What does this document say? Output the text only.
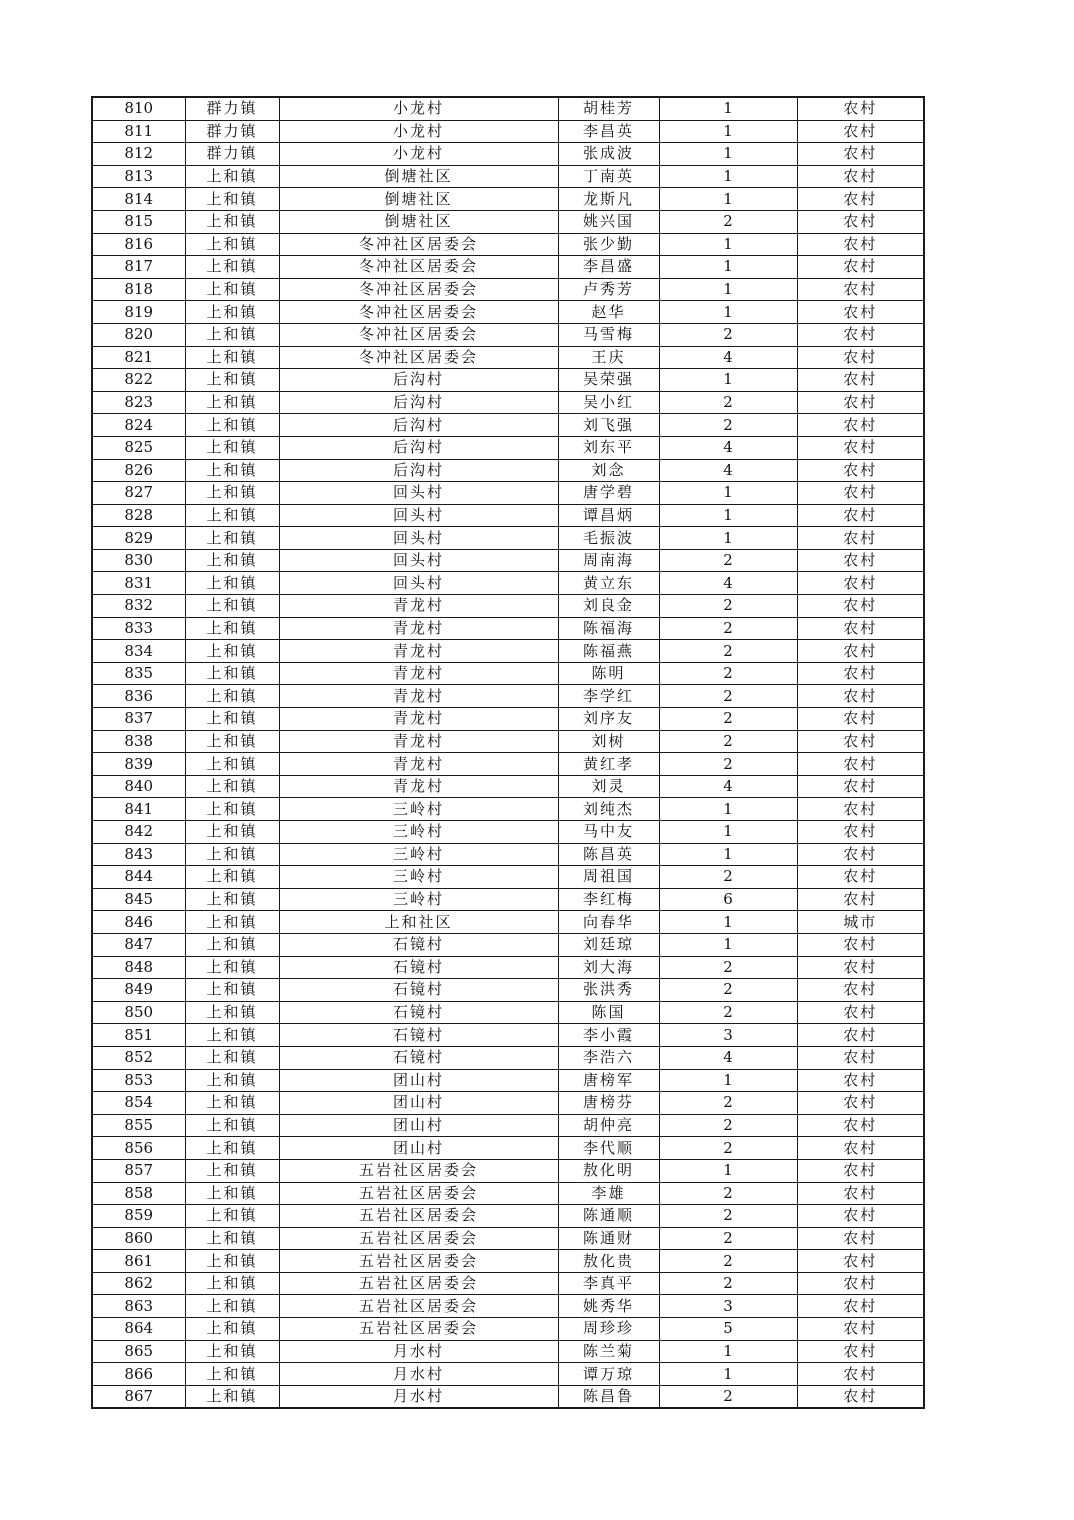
810	群力镇	小龙村	胡桂芳	1	农村
811	群力镇	小龙村	李昌英	1	农村
812	群力镇	小龙村	张成波	1	农村
813	上和镇	倒塘社区	丁南英	1	农村
814	上和镇	倒塘社区	龙斯凡	1	农村
815	上和镇	倒塘社区	姚兴国	2	农村
816	上和镇	冬冲社区居委会	张少勤	1	农村
817	上和镇	冬冲社区居委会	李昌盛	1	农村
818	上和镇	冬冲社区居委会	卢秀芳	1	农村
819	上和镇	冬冲社区居委会	赵华	1	农村
820	上和镇	冬冲社区居委会	马雪梅	2	农村
821	上和镇	冬冲社区居委会	王庆	4	农村
822	上和镇	后沟村	吴荣强	1	农村
823	上和镇	后沟村	吴小红	2	农村
824	上和镇	后沟村	刘飞强	2	农村
825	上和镇	后沟村	刘东平	4	农村
826	上和镇	后沟村	刘念	4	农村
827	上和镇	回头村	唐学碧	1	农村
828	上和镇	回头村	谭昌炳	1	农村
829	上和镇	回头村	毛振波	1	农村
830	上和镇	回头村	周南海	2	农村
831	上和镇	回头村	黄立东	4	农村
832	上和镇	青龙村	刘良金	2	农村
833	上和镇	青龙村	陈福海	2	农村
834	上和镇	青龙村	陈福燕	2	农村
835	上和镇	青龙村	陈明	2	农村
836	上和镇	青龙村	李学红	2	农村
837	上和镇	青龙村	刘序友	2	农村
838	上和镇	青龙村	刘树	2	农村
839	上和镇	青龙村	黄红孝	2	农村
840	上和镇	青龙村	刘灵	4	农村
841	上和镇	三岭村	刘纯杰	1	农村
842	上和镇	三岭村	马中友	1	农村
843	上和镇	三岭村	陈昌英	1	农村
844	上和镇	三岭村	周祖国	2	农村
845	上和镇	三岭村	李红梅	6	农村
846	上和镇	上和社区	向春华	1	城市
847	上和镇	石镜村	刘廷琼	1	农村
848	上和镇	石镜村	刘大海	2	农村
849	上和镇	石镜村	张洪秀	2	农村
850	上和镇	石镜村	陈国	2	农村
851	上和镇	石镜村	李小霞	3	农村
852	上和镇	石镜村	李浩六	4	农村
853	上和镇	团山村	唐榜军	1	农村
854	上和镇	团山村	唐榜芬	2	农村
855	上和镇	团山村	胡仲亮	2	农村
856	上和镇	团山村	李代顺	2	农村
857	上和镇	五岩社区居委会	敖化明	1	农村
858	上和镇	五岩社区居委会	李雄	2	农村
859	上和镇	五岩社区居委会	陈通顺	2	农村
860	上和镇	五岩社区居委会	陈通财	2	农村
861	上和镇	五岩社区居委会	敖化贵	2	农村
862	上和镇	五岩社区居委会	李真平	2	农村
863	上和镇	五岩社区居委会	姚秀华	3	农村
864	上和镇	五岩社区居委会	周珍珍	5	农村
865	上和镇	月水村	陈兰菊	1	农村
866	上和镇	月水村	谭万琼	1	农村
867	上和镇	月水村	陈昌鲁	2	农村
